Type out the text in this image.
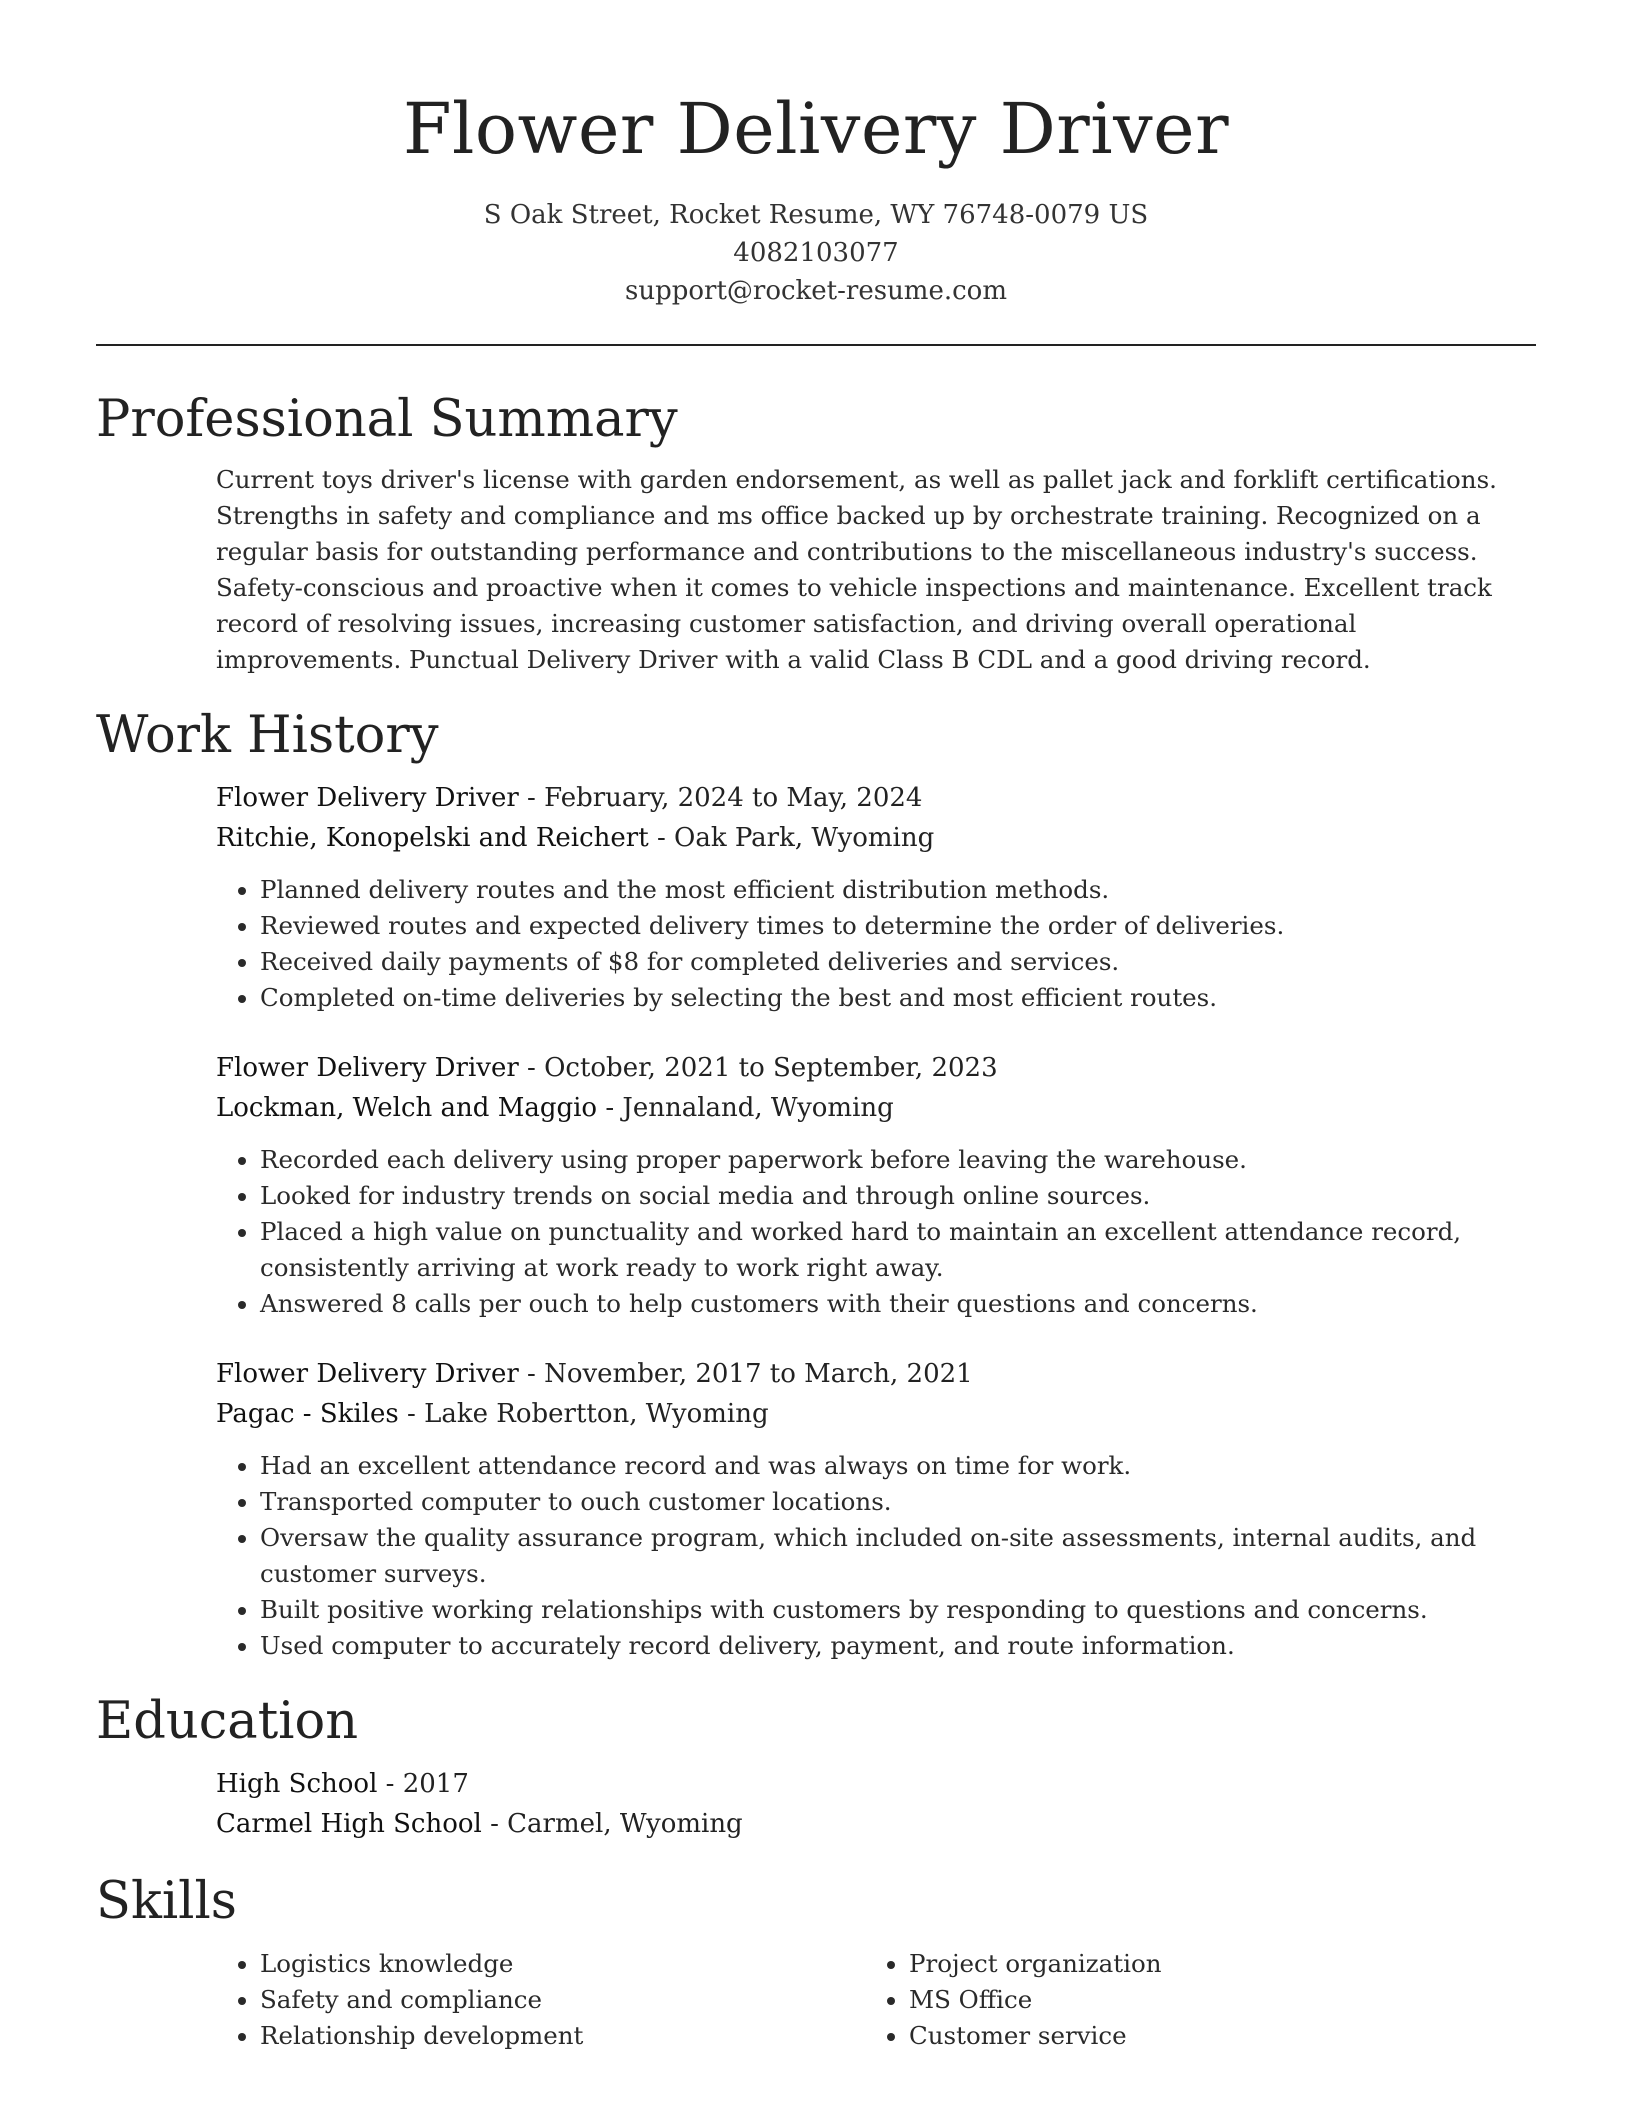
Flower Delivery Driver
S Oak Street, Rocket Resume, WY 76748-0079 US
4082103077
support@rocket-resume.com
Professional Summary

Current toys driver's license with garden endorsement, as well as pallet jack and forklift certifications. Strengths in safety and compliance and ms office backed up by orchestrate training. Recognized on a regular basis for outstanding performance and contributions to the miscellaneous industry's success. Safety-conscious and proactive when it comes to vehicle inspections and maintenance. Excellent track record of resolving issues, increasing customer satisfaction, and driving overall operational improvements. Punctual Delivery Driver with a valid Class B CDL and a good driving record.

Work History
Flower Delivery Driver - February, 2024 to May, 2024
Ritchie, Konopelski and Reichert - Oak Park, Wyoming
• Planned delivery routes and the most efficient distribution methods.
• Reviewed routes and expected delivery times to determine the order of deliveries.
• Received daily payments of $8 for completed deliveries and services.
• Completed on-time deliveries by selecting the best and most efficient routes.
Flower Delivery Driver - October, 2021 to September, 2023
Lockman, Welch and Maggio - Jennaland, Wyoming
• Recorded each delivery using proper paperwork before leaving the warehouse.
• Looked for industry trends on social media and through online sources.
• Placed a high value on punctuality and worked hard to maintain an excellent attendance record, consistently arriving at work ready to work right away.
• Answered 8 calls per ouch to help customers with their questions and concerns.
Flower Delivery Driver - November, 2017 to March, 2021
Pagac - Skiles - Lake Robertton, Wyoming
• Had an excellent attendance record and was always on time for work.
• Transported computer to ouch customer locations.
• Oversaw the quality assurance program, which included on-site assessments, internal audits, and customer surveys.
• Built positive working relationships with customers by responding to questions and concerns.
• Used computer to accurately record delivery, payment, and route information.
Education
High School - 2017
Carmel High School - Carmel, Wyoming
Skills
• Logistics knowledge
• Safety and compliance
• Relationship development
• Project organization
• MS Office
• Customer service
